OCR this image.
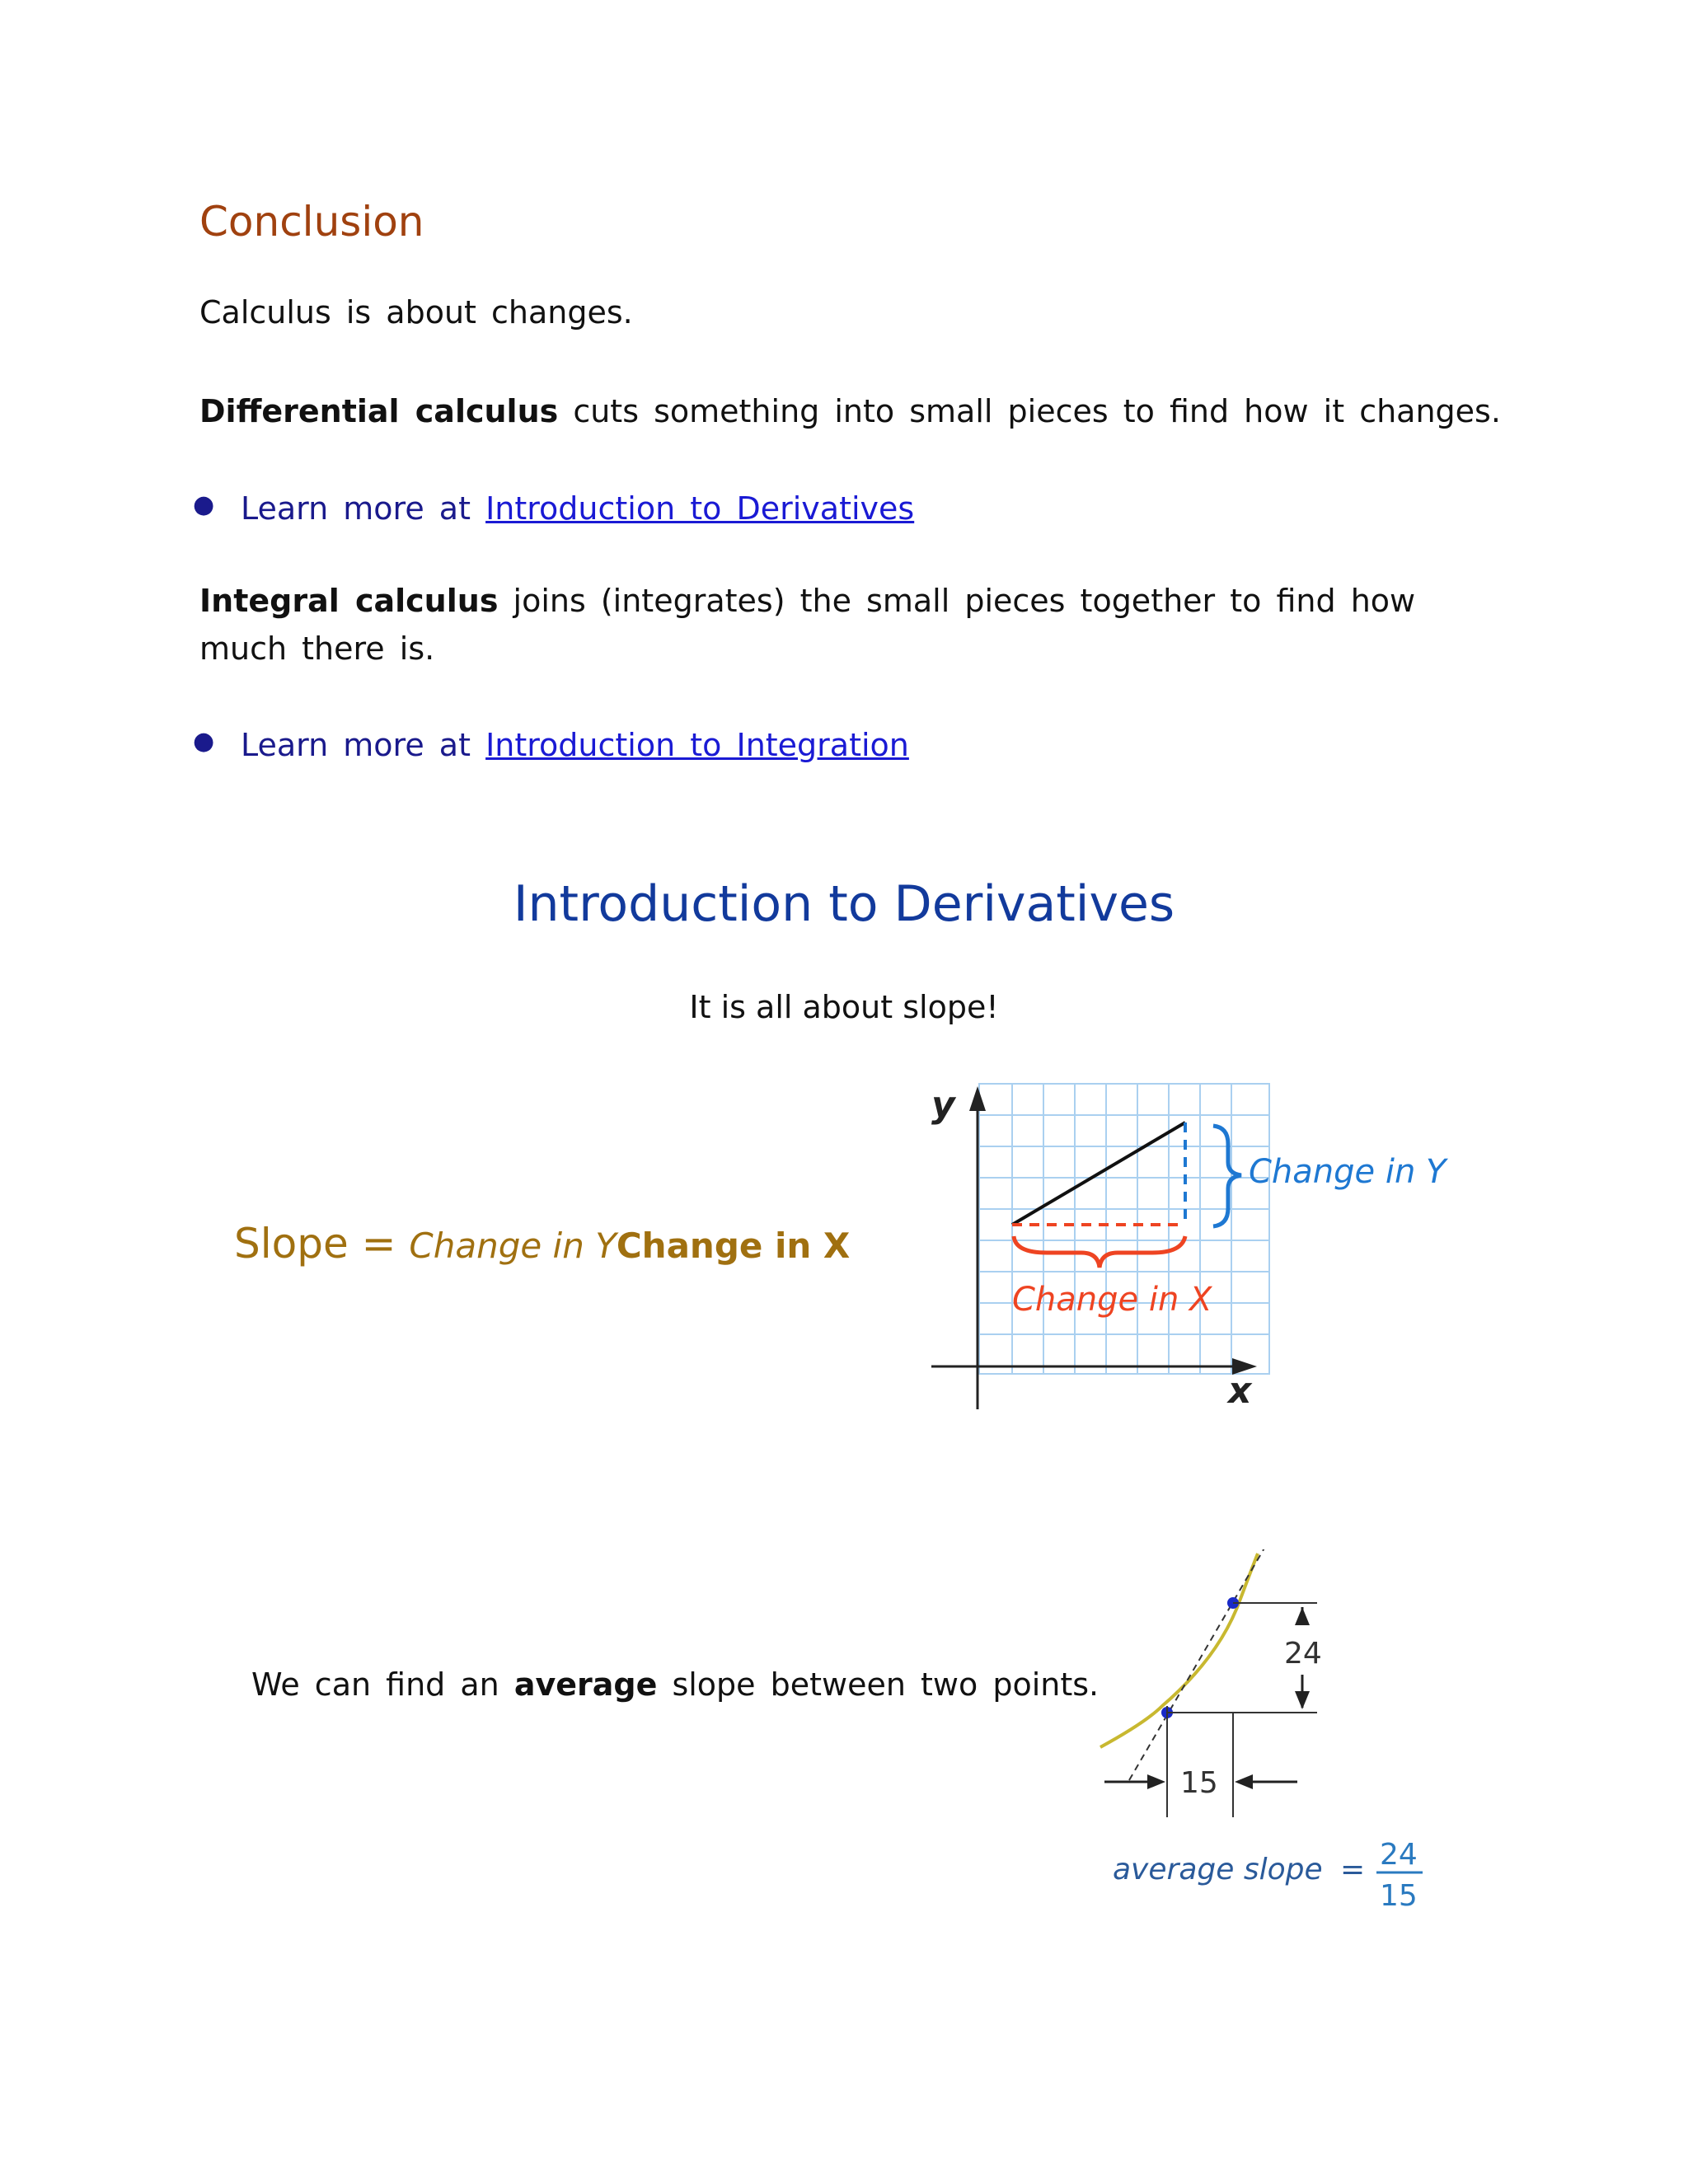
Conclusion

Calculus is about changes.

Differential calculus cuts something into small pieces to find how it changes.

● Learn more at Introduction to Derivatives

Integral calculus joins (integrates) the small pieces together to find how
much there is.

● Learn more at Introduction to Integration
Introduction to Derivatives
It is all about slope!
Slope = Change in YChange in X
y
x
Change in Y
Change in X
We can find an average slope between two points.
24
15
average slope = 24
15
